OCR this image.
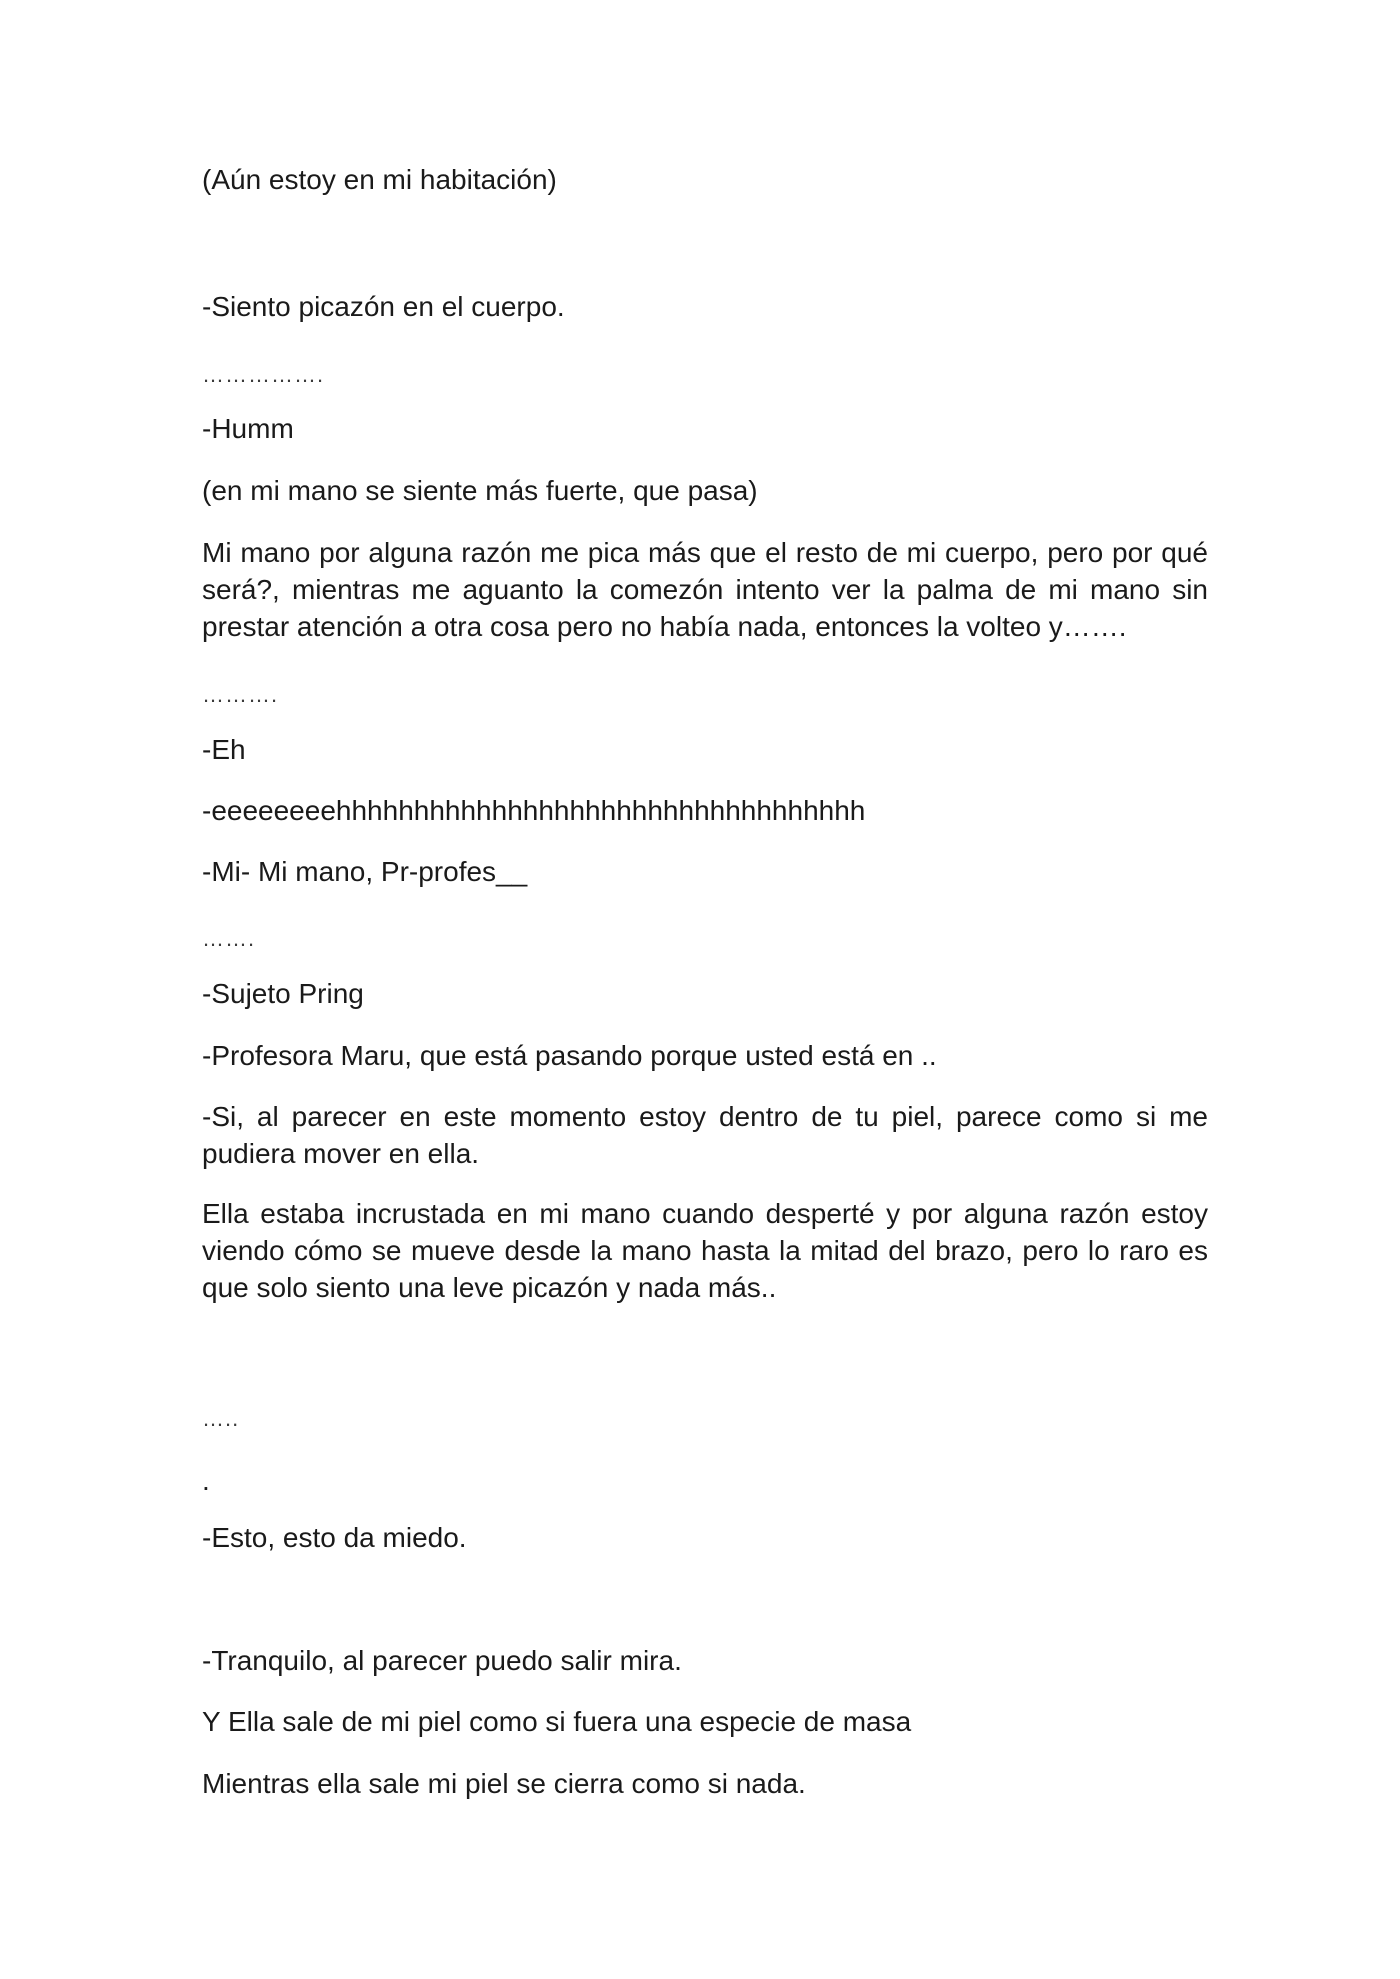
(Aún estoy en mi habitación)

-Siento picazón en el cuerpo.

…………….

-Humm

(en mi mano se siente más fuerte, que pasa)

Mi mano por alguna razón me pica más que el resto de mi cuerpo, pero por qué será?, mientras me aguanto la comezón intento ver la palma de mi mano sin prestar atención a otra cosa pero no había nada, entonces la volteo y…….

……….

-Eh

-eeeeeeeehhhhhhhhhhhhhhhhhhhhhhhhhhhhhhhhhh

-Mi- Mi mano, Pr-profes__

…….

-Sujeto Pring

-Profesora Maru, que está pasando porque usted está en ..

-Si, al parecer en este momento estoy dentro de tu piel, parece como si me pudiera mover en ella.

Ella estaba incrustada en mi mano cuando desperté y por alguna razón estoy viendo cómo se mueve desde la mano hasta la mitad del brazo, pero lo raro es que solo siento una leve picazón y nada más..

…..

.

-Esto, esto da miedo.

-Tranquilo, al parecer puedo salir mira.

Y Ella sale de mi piel como si fuera una especie de masa

Mientras ella sale mi piel se cierra como si nada.
